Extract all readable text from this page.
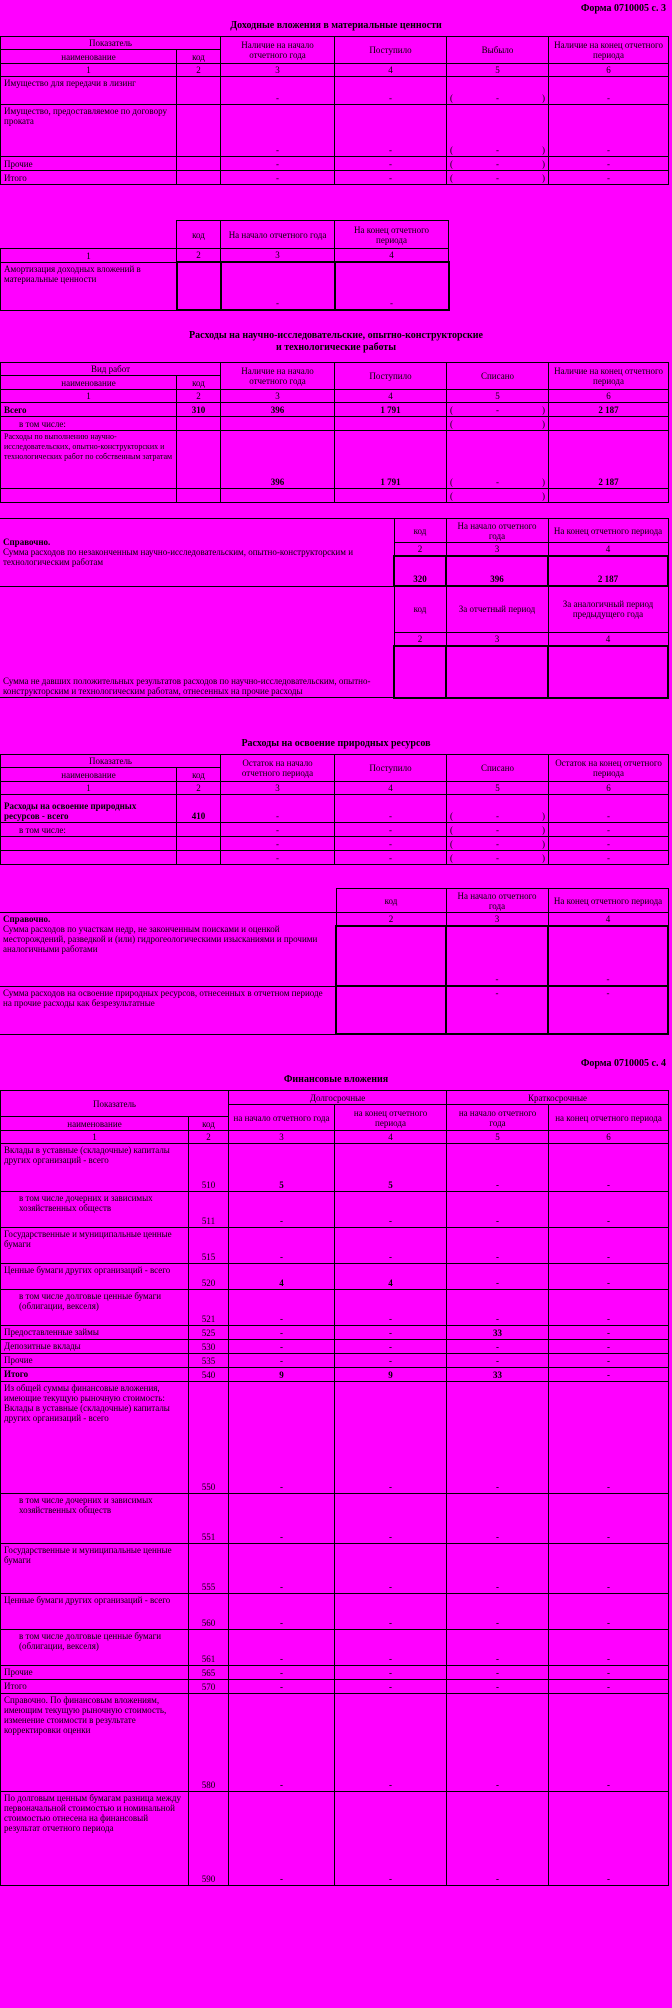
Форма 0710005 с. 3
Доходные вложения в материальные ценности
Показатель		Наличие на начало отчетного года	Поступило	Выбыло	Наличие на конец отчетного периода
наименование	код				
1	2	3	4	5	6
Имущество для передачи в лизинг		-	-	( - )	-
Имущество, предоставляемое по договору проката		-	-	( - )	-
Прочие		-	-	( - )	-
Итого		-	-	( - )	-
	код	На начало отчетного года	На конец отчетного периода
1	2	3	4
Амортизация доходных вложений в материальные ценности		-	-
Расходы на научно-исследовательские, опытно-конструкторские
и технологические работы
Вид работ		Наличие на начало отчетного года	Поступило	Списано	Наличие на конец отчетного периода
наименование	код				
1	2	3	4	5	6
Всего	310	396	1 791	( - )	2 187
в том числе:				( )	

Расходы по выполнению научно-исследовательских, опытно-конструкторских и технологических работ по собственным затратам		396	1 791	( - )	2 187

				( )	

Справочно.
Сумма расходов по незаконченным научно-исследовательским, опытно-конструкторским и технологическим работам	код	На начало отчетного года	На конец отчетного периода
	2	3	4
	320	396	2 187
Сумма не давших положительных результатов расходов по научно-исследовательским, опытно-конструкторским и технологическим работам, отнесенных на прочие расходы	код	За отчетный период	За аналогичный период предыдущего года
	2	3	4

Расходы на освоение природных ресурсов
Показатель		Остаток на начало отчетного периода	Поступило	Списано	Остаток на конец отчетного периода
наименование	код				
1	2	3	4	5	6
Расходы на освоение природных ресурсов - всего	410	-	-	( - )	-
в том числе:		-	-	( - )	-
		-	-	( - )	-
		-	-	( - )	-
	код	На начало отчетного года	На конец отчетного периода

Справочно.
Сумма расходов по участкам недр, не законченным поисками и оценкой месторождений, разведкой и (или) гидрогеологическими изысканиями и прочими аналогичными работами	2	3	4
		-	-
Сумма расходов на освоение природных ресурсов, отнесенных в отчетном периоде на прочие расходы как безрезультатные		-	-
Форма 0710005 с. 4
Финансовые вложения
Показатель		Долгосрочные		Краткосрочные	
		на начало отчетного года	на конец отчетного периода	на начало отчетного года	на конец отчетного периода
наименование	код				
1	2	3	4	5	6
Вклады в уставные (складочные) капиталы других организаций - всего	510	5	5	-	-
в том числе дочерних и зависимых хозяйственных обществ	511	-	-	-	-
Государственные и муниципальные ценные бумаги	515	-	-	-	-
Ценные бумаги других организаций - всего	520	4	4	-	-
в том числе долговые ценные бумаги (облигации, векселя)	521	-	-	-	-
Предоставленные займы	525	-	-	33	-
Депозитные вклады	530	-	-	-	-
Прочие	535	-	-	-	-
Итого	540	9	9	33	-
Из общей суммы финансовые вложения, имеющие текущую рыночную стоимость: Вклады в уставные (складочные) капиталы других организаций - всего	550	-	-	-	-
в том числе дочерних и зависимых хозяйственных обществ	551	-	-	-	-
Государственные и муниципальные ценные бумаги	555	-	-	-	-
Ценные бумаги других организаций - всего	560	-	-	-	-
в том числе долговые ценные бумаги (облигации, векселя)	561	-	-	-	-
Прочие	565	-	-	-	-
Итого	570	-	-	-	-
Справочно. По финансовым вложениям, имеющим текущую рыночную стоимость, изменение стоимости в результате корректировки оценки	580	-	-	-	-
По долговым ценным бумагам разница между первоначальной стоимостью и номинальной стоимостью отнесена на финансовый результат отчетного периода	590	-	-	-	-
